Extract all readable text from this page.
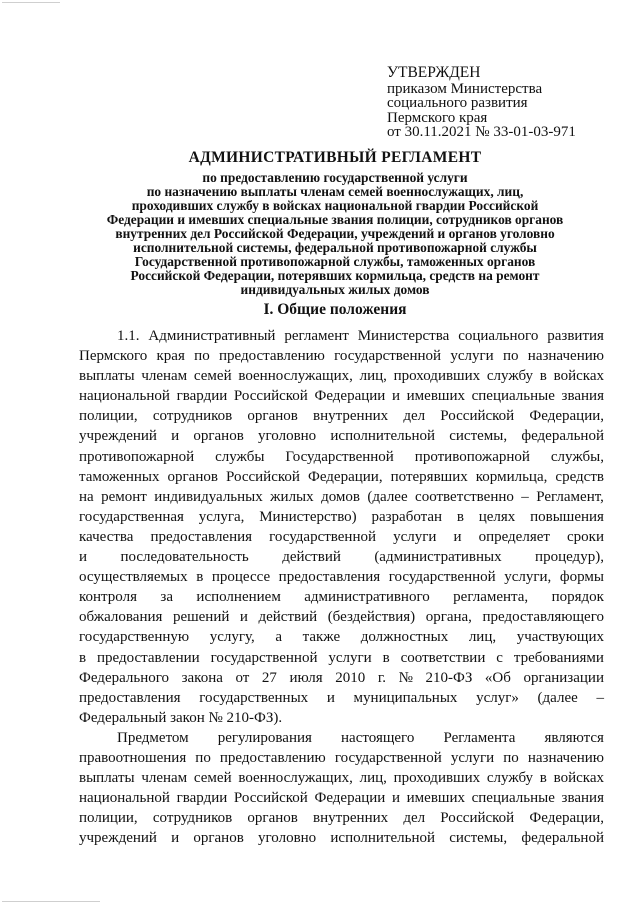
УТВЕРЖДЕН
приказом Министерства
социального развития
Пермского края
от 30.11.2021 № 33-01-03-971
АДМИНИСТРАТИВНЫЙ РЕГЛАМЕНТ
по предоставлению государственной услуги
по назначению выплаты членам семей военнослужащих, лиц,
проходивших службу в войсках национальной гвардии Российской
Федерации и имевших специальные звания полиции, сотрудников органов
внутренних дел Российской Федерации, учреждений и органов уголовно
исполнительной системы, федеральной противопожарной службы
Государственной противопожарной службы, таможенных органов
Российской Федерации, потерявших кормильца, средств на ремонт
индивидуальных жилых домов
I. Общие положения
1.1. Административный регламент Министерства социального развития
Пермского края по предоставлению государственной услуги по назначению
выплаты членам семей военнослужащих, лиц, проходивших службу в войсках
национальной гвардии Российской Федерации и имевших специальные звания
полиции, сотрудников органов внутренних дел Российской Федерации,
учреждений и органов уголовно исполнительной системы, федеральной
противопожарной службы Государственной противопожарной службы,
таможенных органов Российской Федерации, потерявших кормильца, средств
на ремонт индивидуальных жилых домов (далее соответственно – Регламент,
государственная услуга, Министерство) разработан в целях повышения
качества предоставления государственной услуги и определяет сроки
и последовательность действий (административных процедур),
осуществляемых в процессе предоставления государственной услуги, формы
контроля за исполнением административного регламента, порядок
обжалования решений и действий (бездействия) органа, предоставляющего
государственную услугу, а также должностных лиц, участвующих
в предоставлении государственной услуги в соответствии с требованиями
Федерального закона от 27 июля 2010 г. № 210-ФЗ «Об организации
предоставления государственных и муниципальных услуг» (далее –
Федеральный закон № 210-ФЗ).
Предметом регулирования настоящего Регламента являются
правоотношения по предоставлению государственной услуги по назначению
выплаты членам семей военнослужащих, лиц, проходивших службу в войсках
национальной гвардии Российской Федерации и имевших специальные звания
полиции, сотрудников органов внутренних дел Российской Федерации,
учреждений и органов уголовно исполнительной системы, федеральной
